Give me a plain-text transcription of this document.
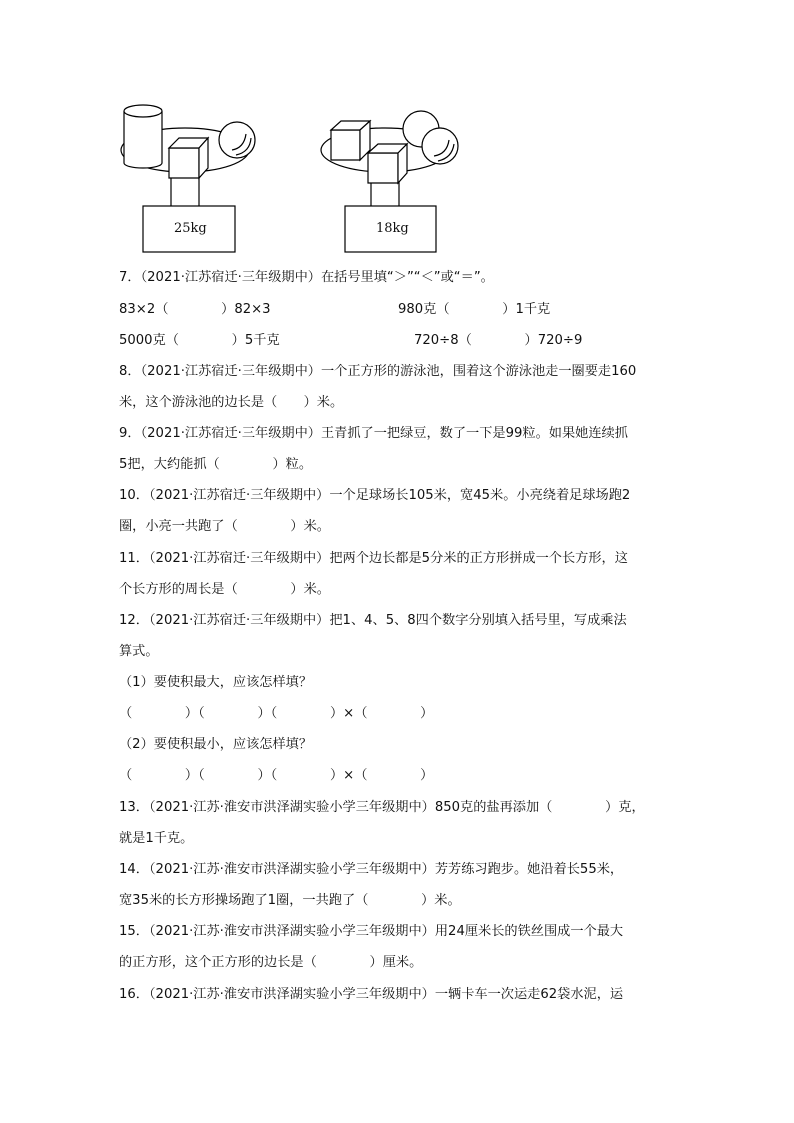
25kg	18kg
7．（2021·江苏宿迁·三年级期中）在括号里填“＞”“＜”或“＝”。
83×2（　　　　）82×3	980克（　　　　）1千克
5000克（　　　　）5千克	720÷8（　　　　）720÷9
8．（2021·江苏宿迁·三年级期中）一个正方形的游泳池，围着这个游泳池走一圈要走160
米，这个游泳池的边长是（　　）米。
9．（2021·江苏宿迁·三年级期中）王青抓了一把绿豆，数了一下是99粒。如果她连续抓
5把，大约能抓（　　　　）粒。
10．（2021·江苏宿迁·三年级期中）一个足球场长105米，宽45米。小亮绕着足球场跑2
圈，小亮一共跑了（　　　　）米。
11．（2021·江苏宿迁·三年级期中）把两个边长都是5分米的正方形拼成一个长方形，这
个长方形的周长是（　　　　）米。
12．（2021·江苏宿迁·三年级期中）把1、4、5、8四个数字分别填入括号里，写成乘法
算式。
（1）要使积最大，应该怎样填？
（　　　　）（　　　　）（　　　　）×（　　　　）
（2）要使积最小，应该怎样填？
（　　　　）（　　　　）（　　　　）×（　　　　）
13．（2021·江苏·淮安市洪泽湖实验小学三年级期中）850克的盐再添加（　　　　）克，
就是1千克。
14．（2021·江苏·淮安市洪泽湖实验小学三年级期中）芳芳练习跑步。她沿着长55米，
宽35米的长方形操场跑了1圈，一共跑了（　　　　）米。
15．（2021·江苏·淮安市洪泽湖实验小学三年级期中）用24厘米长的铁丝围成一个最大
的正方形，这个正方形的边长是（　　　　）厘米。
16．（2021·江苏·淮安市洪泽湖实验小学三年级期中）一辆卡车一次运走62袋水泥，运
